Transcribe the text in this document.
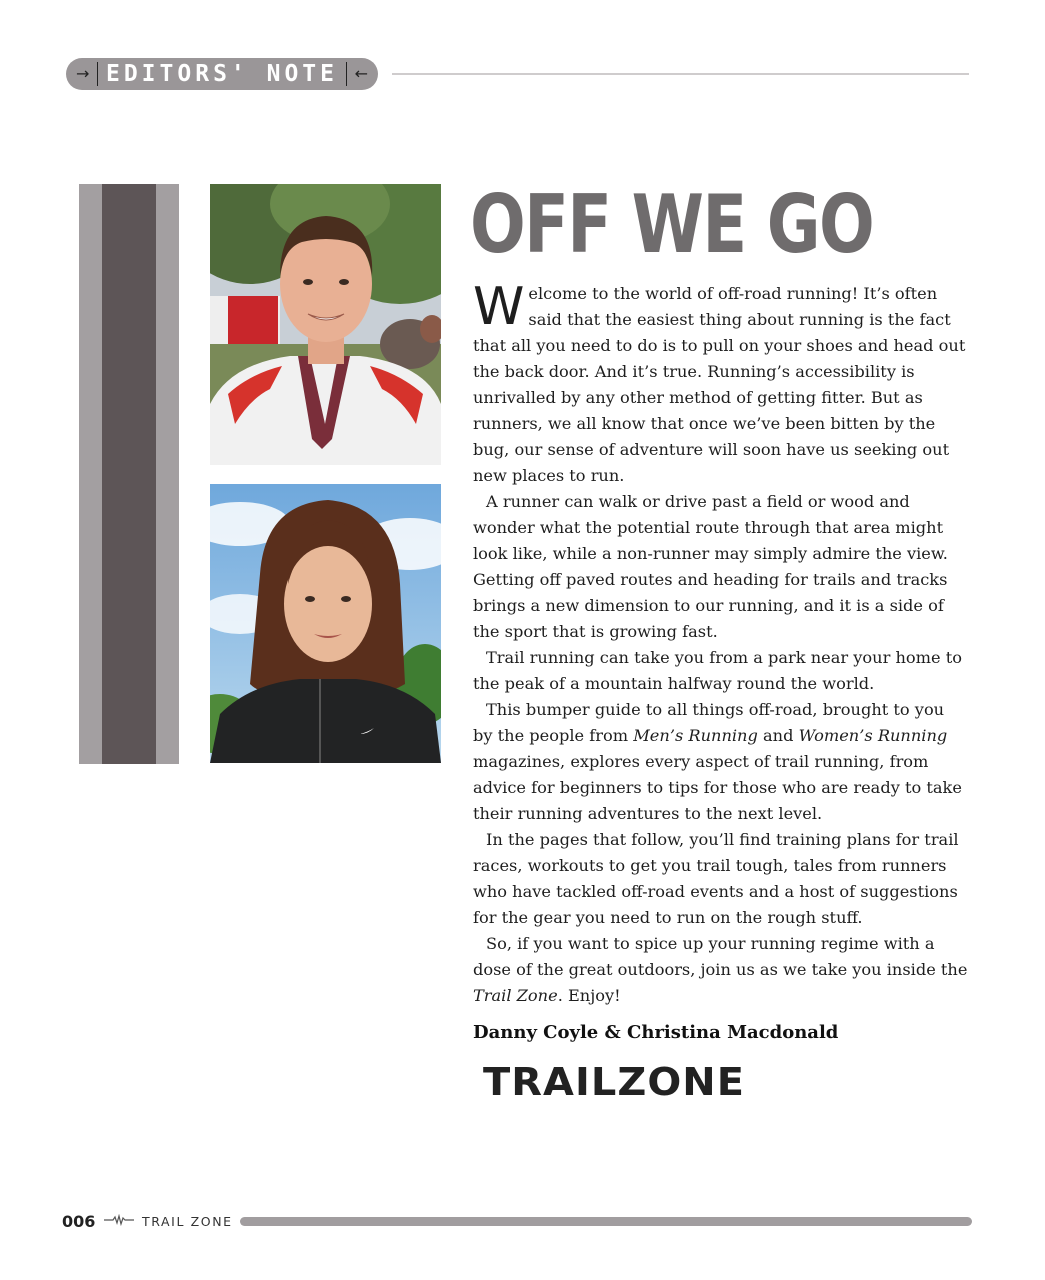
→ EDITORS' NOTE ←
OFF WE GO

Welcome to the world of off-road running! It’s often said that the easiest thing about running is the fact that all you need to do is to pull on your shoes and head out the back door. And it’s true. Running’s accessibility is unrivalled by any other method of getting fitter. But as runners, we all know that once we’ve been bitten by the bug, our sense of adventure will soon have us seeking out new places to run.

A runner can walk or drive past a field or wood and wonder what the potential route through that area might look like, while a non-runner may simply admire the view. Getting off paved routes and heading for trails and tracks brings a new dimension to our running, and it is a side of the sport that is growing fast.

Trail running can take you from a park near your home to the peak of a mountain halfway round the world.

This bumper guide to all things off-road, brought to you by the people from Men’s Running and Women’s Running magazines, explores every aspect of trail running, from advice for beginners to tips for those who are ready to take their running adventures to the next level.

In the pages that follow, you’ll find training plans for trail races, workouts to get you trail tough, tales from runners who have tackled off-road events and a host of suggestions for the gear you need to run on the rough stuff.

So, if you want to spice up your running regime with a dose of the great outdoors, join us as we take you inside the Trail Zone. Enjoy!

Danny Coyle & Christina Macdonald
TRAILZONE
006	TRAIL ZONE
